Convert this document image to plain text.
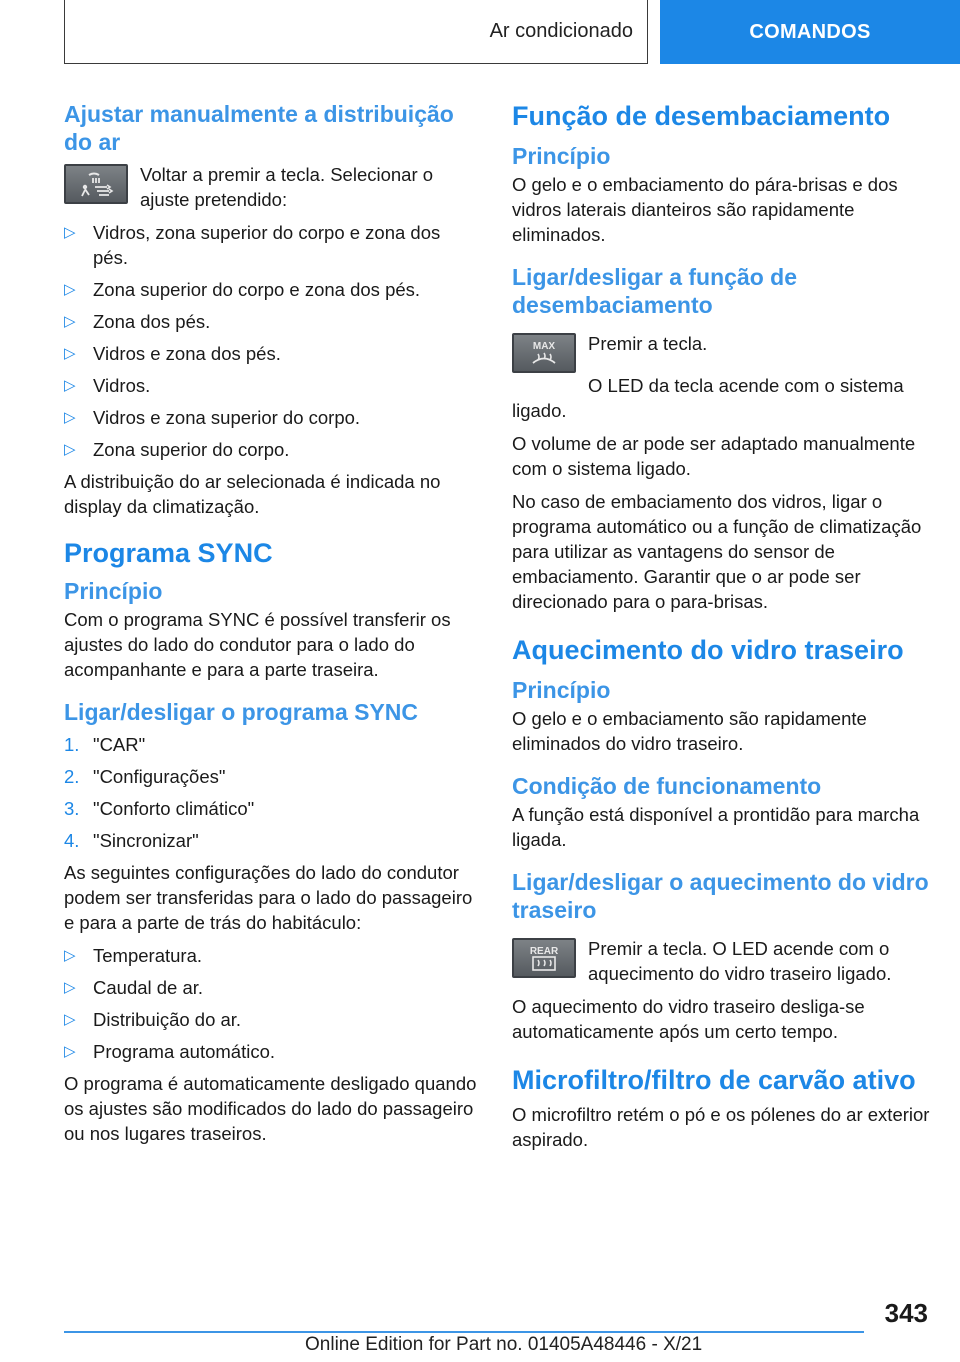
Ar condicionado	COMANDOS
Ajustar manualmente a distribuição do ar
Voltar a premir a tecla. Selecionar o ajuste pretendido:
▷ Vidros, zona superior do corpo e zona dos pés.
▷ Zona superior do corpo e zona dos pés.
▷ Zona dos pés.
▷ Vidros e zona dos pés.
▷ Vidros.
▷ Vidros e zona superior do corpo.
▷ Zona superior do corpo.
A distribuição do ar selecionada é indicada no display da climatização.
Programa SYNC
Princípio
Com o programa SYNC é possível transferir os ajustes do lado do condutor para o lado do acompanhante e para a parte traseira.
Ligar/desligar o programa SYNC
1. "CAR"
2. "Configurações"
3. "Conforto climático"
4. "Sincronizar"
As seguintes configurações do lado do condutor podem ser transferidas para o lado do passageiro e para a parte de trás do habitáculo:
▷ Temperatura.
▷ Caudal de ar.
▷ Distribuição do ar.
▷ Programa automático.
O programa é automaticamente desligado quando os ajustes são modificados do lado do passageiro ou nos lugares traseiros.
Função de desembaciamento
Princípio
O gelo e o embaciamento do pára-brisas e dos vidros laterais dianteiros são rapidamente eliminados.
Ligar/desligar a função de desembaciamento
MAX Premir a tecla.
O LED da tecla acende com o sistema ligado.
O volume de ar pode ser adaptado manualmente com o sistema ligado.
No caso de embaciamento dos vidros, ligar o programa automático ou a função de climatização para utilizar as vantagens do sensor de embaciamento. Garantir que o ar pode ser direcionado para o para-brisas.
Aquecimento do vidro traseiro
Princípio
O gelo e o embaciamento são rapidamente eliminados do vidro traseiro.
Condição de funcionamento
A função está disponível a prontidão para marcha ligada.
Ligar/desligar o aquecimento do vidro traseiro
REAR Premir a tecla. O LED acende com o aquecimento do vidro traseiro ligado.
O aquecimento do vidro traseiro desliga-se automaticamente após um certo tempo.
Microfiltro/filtro de carvão ativo
O microfiltro retém o pó e os pólenes do ar exterior aspirado.
343
Online Edition for Part no. 01405A48446 - X/21
